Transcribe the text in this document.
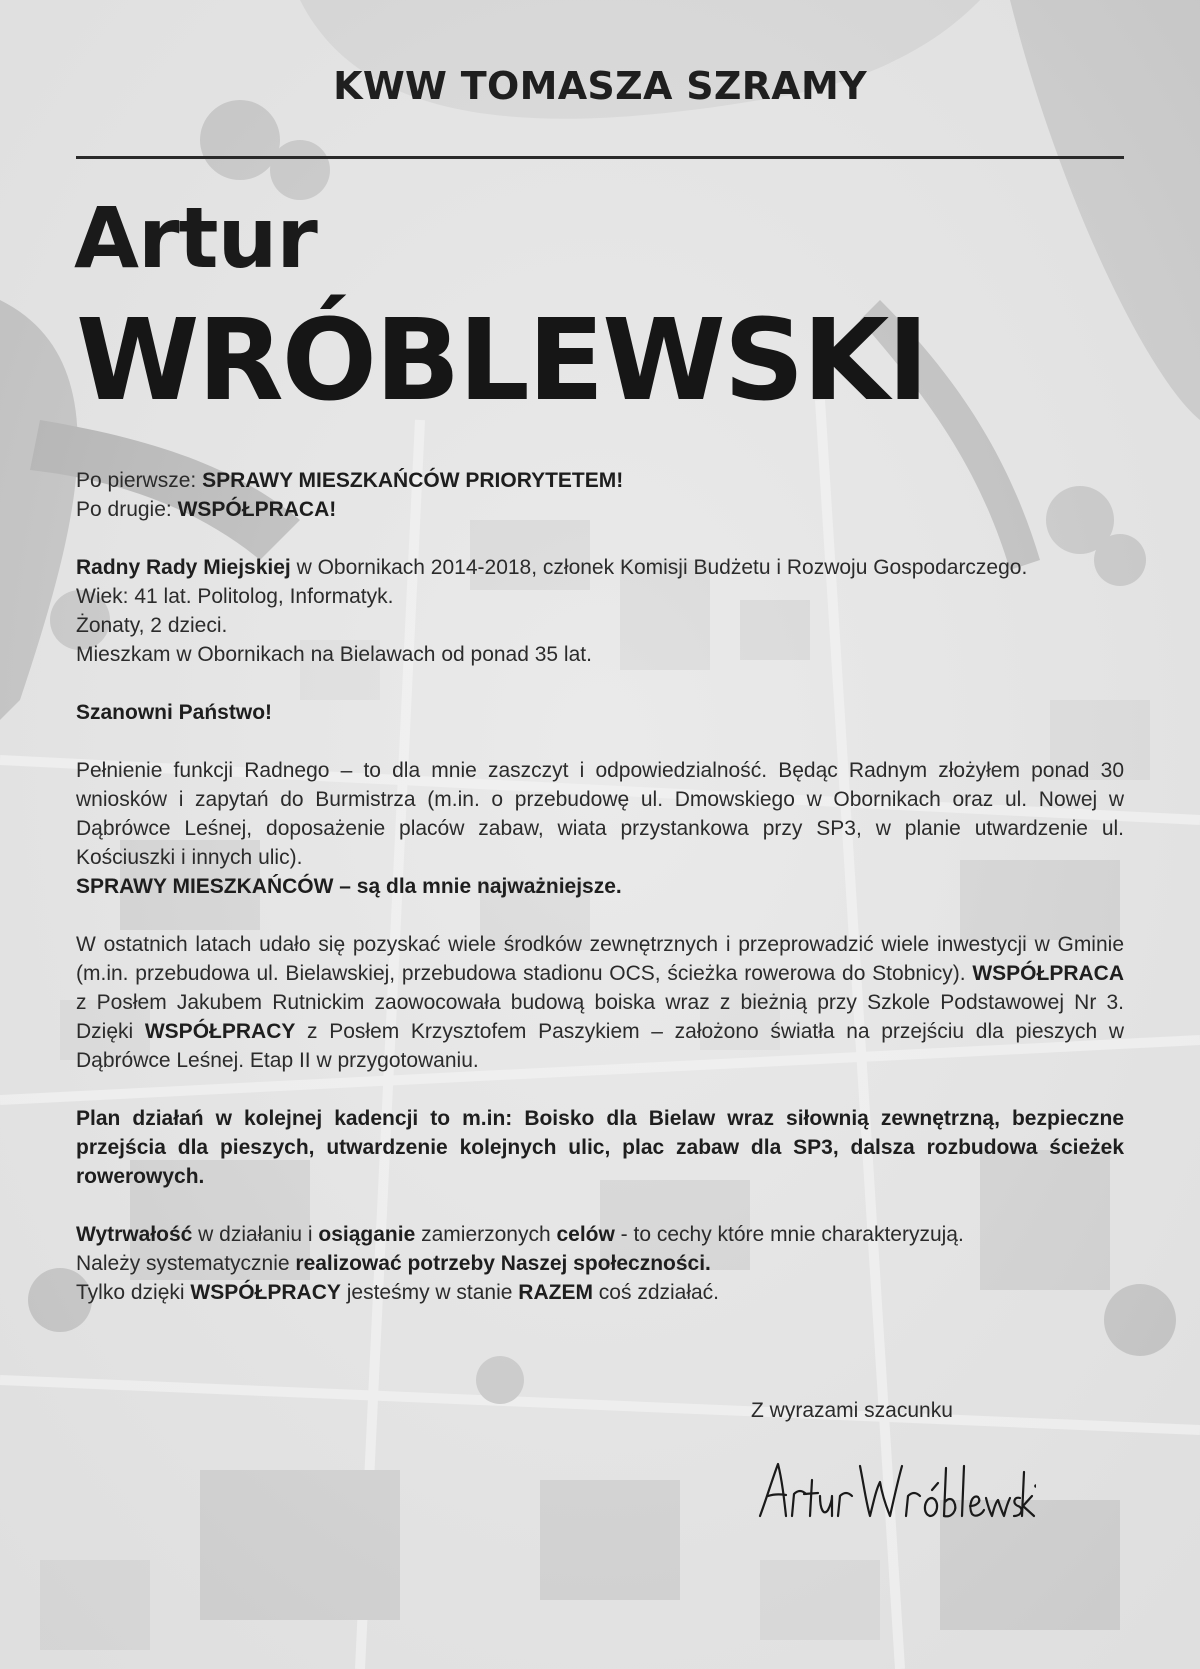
KWW TOMASZA SZRAMY
Artur
WRÓBLEWSKI

Po pierwsze: SPRAWY MIESZKAŃCÓW PRIORYTETEM!

Po drugie: WSPÓŁPRACA!

Radny Rady Miejskiej w Obornikach 2014-2018, członek Komisji Budżetu i Rozwoju Gospodarczego.

Wiek: 41 lat. Politolog, Informatyk.

Żonaty, 2 dzieci.

Mieszkam w Obornikach na Bielawach od ponad 35 lat.

Szanowni Państwo!

Pełnienie funkcji Radnego – to dla mnie zaszczyt i odpowiedzialność. Będąc Radnym złożyłem ponad 30 wniosków i zapytań do Burmistrza (m.in. o przebudowę ul. Dmowskiego w Obornikach oraz ul. Nowej w Dąbrówce Leśnej, doposażenie placów zabaw, wiata przystankowa przy SP3, w planie utwardzenie ul. Kościuszki i innych ulic).

SPRAWY MIESZKAŃCÓW – są dla mnie najważniejsze.

W ostatnich latach udało się pozyskać wiele środków zewnętrznych i przeprowadzić wiele inwestycji w Gminie (m.in. przebudowa ul. Bielawskiej, przebudowa stadionu OCS, ścieżka rowerowa do Stobnicy). WSPÓŁPRACA z Posłem Jakubem Rutnickim zaowocowała budową boiska wraz z bieżnią przy Szkole Podstawowej Nr 3. Dzięki WSPÓŁPRACY z Posłem Krzysztofem Paszykiem – założono światła na przejściu dla pieszych w Dąbrówce Leśnej. Etap II w przygotowaniu.

Plan działań w kolejnej kadencji to m.in: Boisko dla Bielaw wraz siłownią zewnętrzną, bezpieczne przejścia dla pieszych, utwardzenie kolejnych ulic, plac zabaw dla SP3, dalsza rozbudowa ścieżek rowerowych.

Wytrwałość w działaniu i osiąganie zamierzonych celów - to cechy które mnie charakteryzują.

Należy systematycznie realizować potrzeby Naszej społeczności.

Tylko dzięki WSPÓŁPRACY jesteśmy w stanie RAZEM coś zdziałać.

Z wyrazami szacunku
